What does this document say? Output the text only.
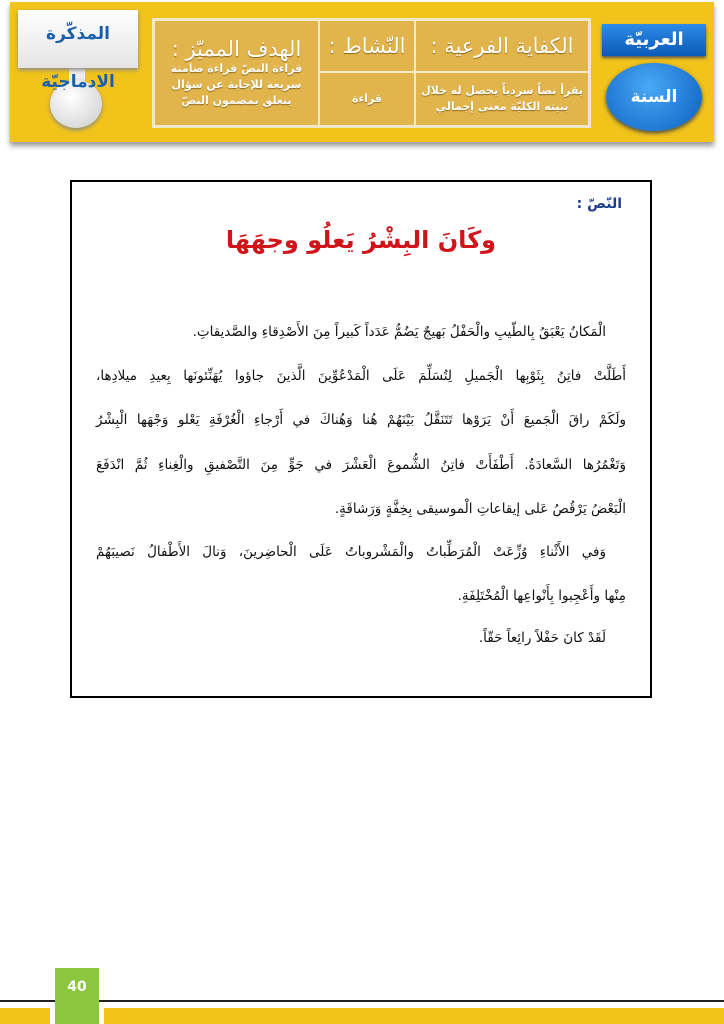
المذكّرة الادماجيّة
الهدف المميّز :
قراءة النصّ قراءة صامتة سريعة للإجابة عن سؤال يتعلق بمضمون النصّ
النّشاط :	الكفاية الفرعية :
قراءة
يقرأ نصاً سردياً يحصل له خلال بنيته الكليّة معنى إجمالي
العربيّة
السنة الثّالثة
النّصّ :
وكَانَ البِشْرُ يَعلُو وجهَهَا
الْمَكانُ يَعْبَقُ بِالطّيبِ والْحَفْلُ بَهيجٌ يَضُمُّ عَدَداً كَبيراً مِنَ الأَصْدِقاءِ والصَّديقاتِ.
أَطَلَّتْ فاتِنُ بِثَوْبِها الْجَميلِ لِتُسَلِّمَ عَلَى الْمَدْعُوِّينَ الَّذينَ جاؤوا يُهَنِّئونَها بِعيدِ ميلادِها،
ولَكَمْ راقَ الْجَميعَ أَنْ يَرَوْها تَتَنَقَّلُ بَيْنَهُمْ هُنا وَهُناكَ في أَرْجاءِ الْغُرْفَةِ يَعْلو وَجْهَها الْبِشْرُ
وَتَغْمُرُها السَّعادَةُ. أَطْفَأَتْ فاتِنُ الشُّموعَ الْعَشْرَ في جَوٍّ مِنَ التَّصْفيقِ والْغِناءِ ثُمَّ انْدَفَعَ
الْبَعْضُ يَرْقُصُ عَلى إيقاعاتِ الْموسيقى بِخِفَّةٍ وَرَشاقَةٍ.
وَفي الأَثْناءِ وُزِّعَتْ الْمُرَطِّباتُ والْمَشْروباتُ عَلَى الْحاضِرينَ، وَنالَ الأَطْفالُ نَصيبَهُمْ
مِنْها وأَعْجِبوا بِأَنْواعِها الْمُخْتَلِفَةِ.
لَقَدْ كانَ حَفْلاً رائِعاً حَقّاً.
40
